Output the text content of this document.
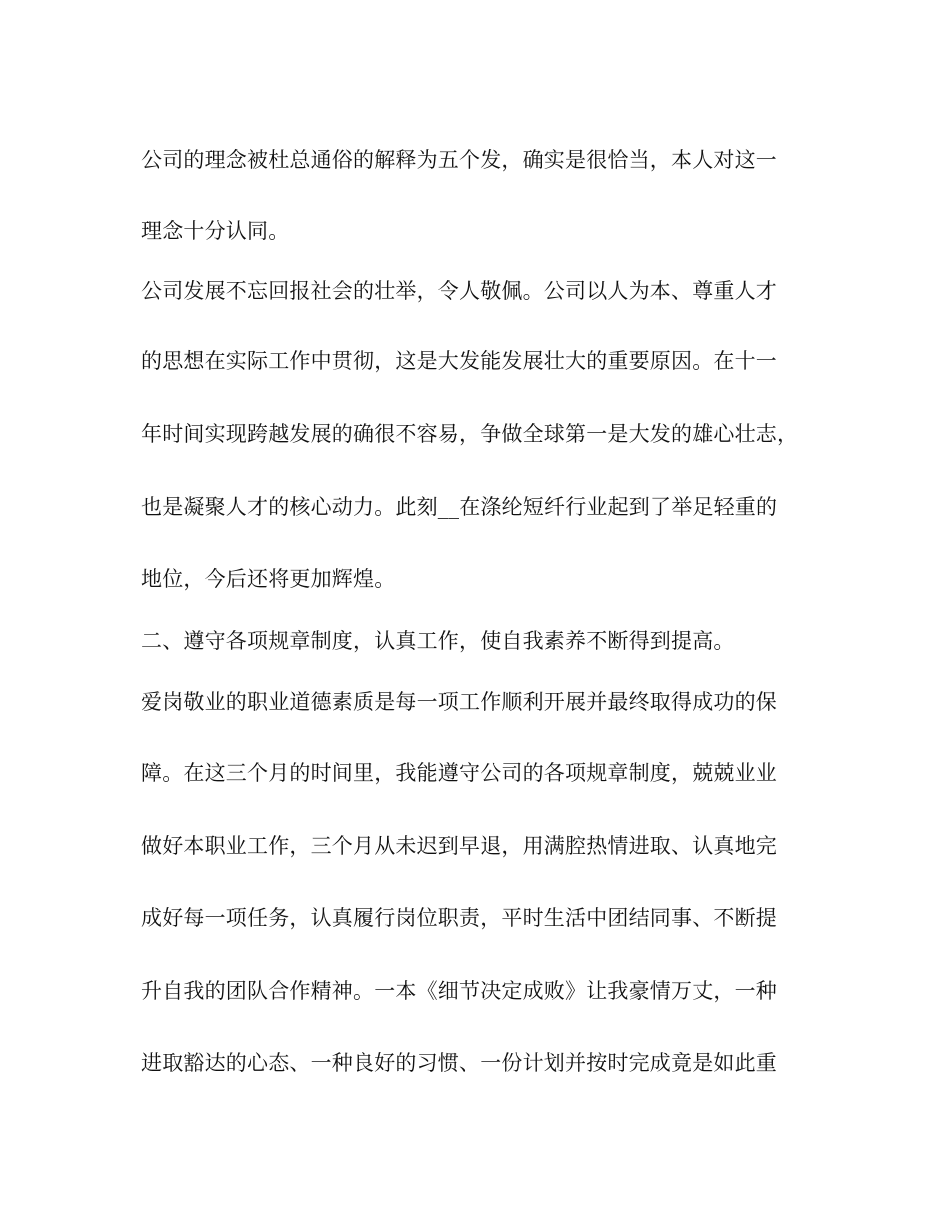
公司的理念被杜总通俗的解释为五个发，确实是很恰当，本人对这一
理念十分认同。
公司发展不忘回报社会的壮举，令人敬佩。公司以人为本、尊重人才
的思想在实际工作中贯彻，这是大发能发展壮大的重要原因。在十一
年时间实现跨越发展的确很不容易，争做全球第一是大发的雄心壮志，
也是凝聚人才的核心动力。此刻__在涤纶短纤行业起到了举足轻重的
地位，今后还将更加辉煌。
二、遵守各项规章制度，认真工作，使自我素养不断得到提高。
爱岗敬业的职业道德素质是每一项工作顺利开展并最终取得成功的保
障。在这三个月的时间里，我能遵守公司的各项规章制度，兢兢业业
做好本职业工作，三个月从未迟到早退，用满腔热情进取、认真地完
成好每一项任务，认真履行岗位职责，平时生活中团结同事、不断提
升自我的团队合作精神。一本《细节决定成败》让我豪情万丈，一种
进取豁达的心态、一种良好的习惯、一份计划并按时完成竟是如此重
